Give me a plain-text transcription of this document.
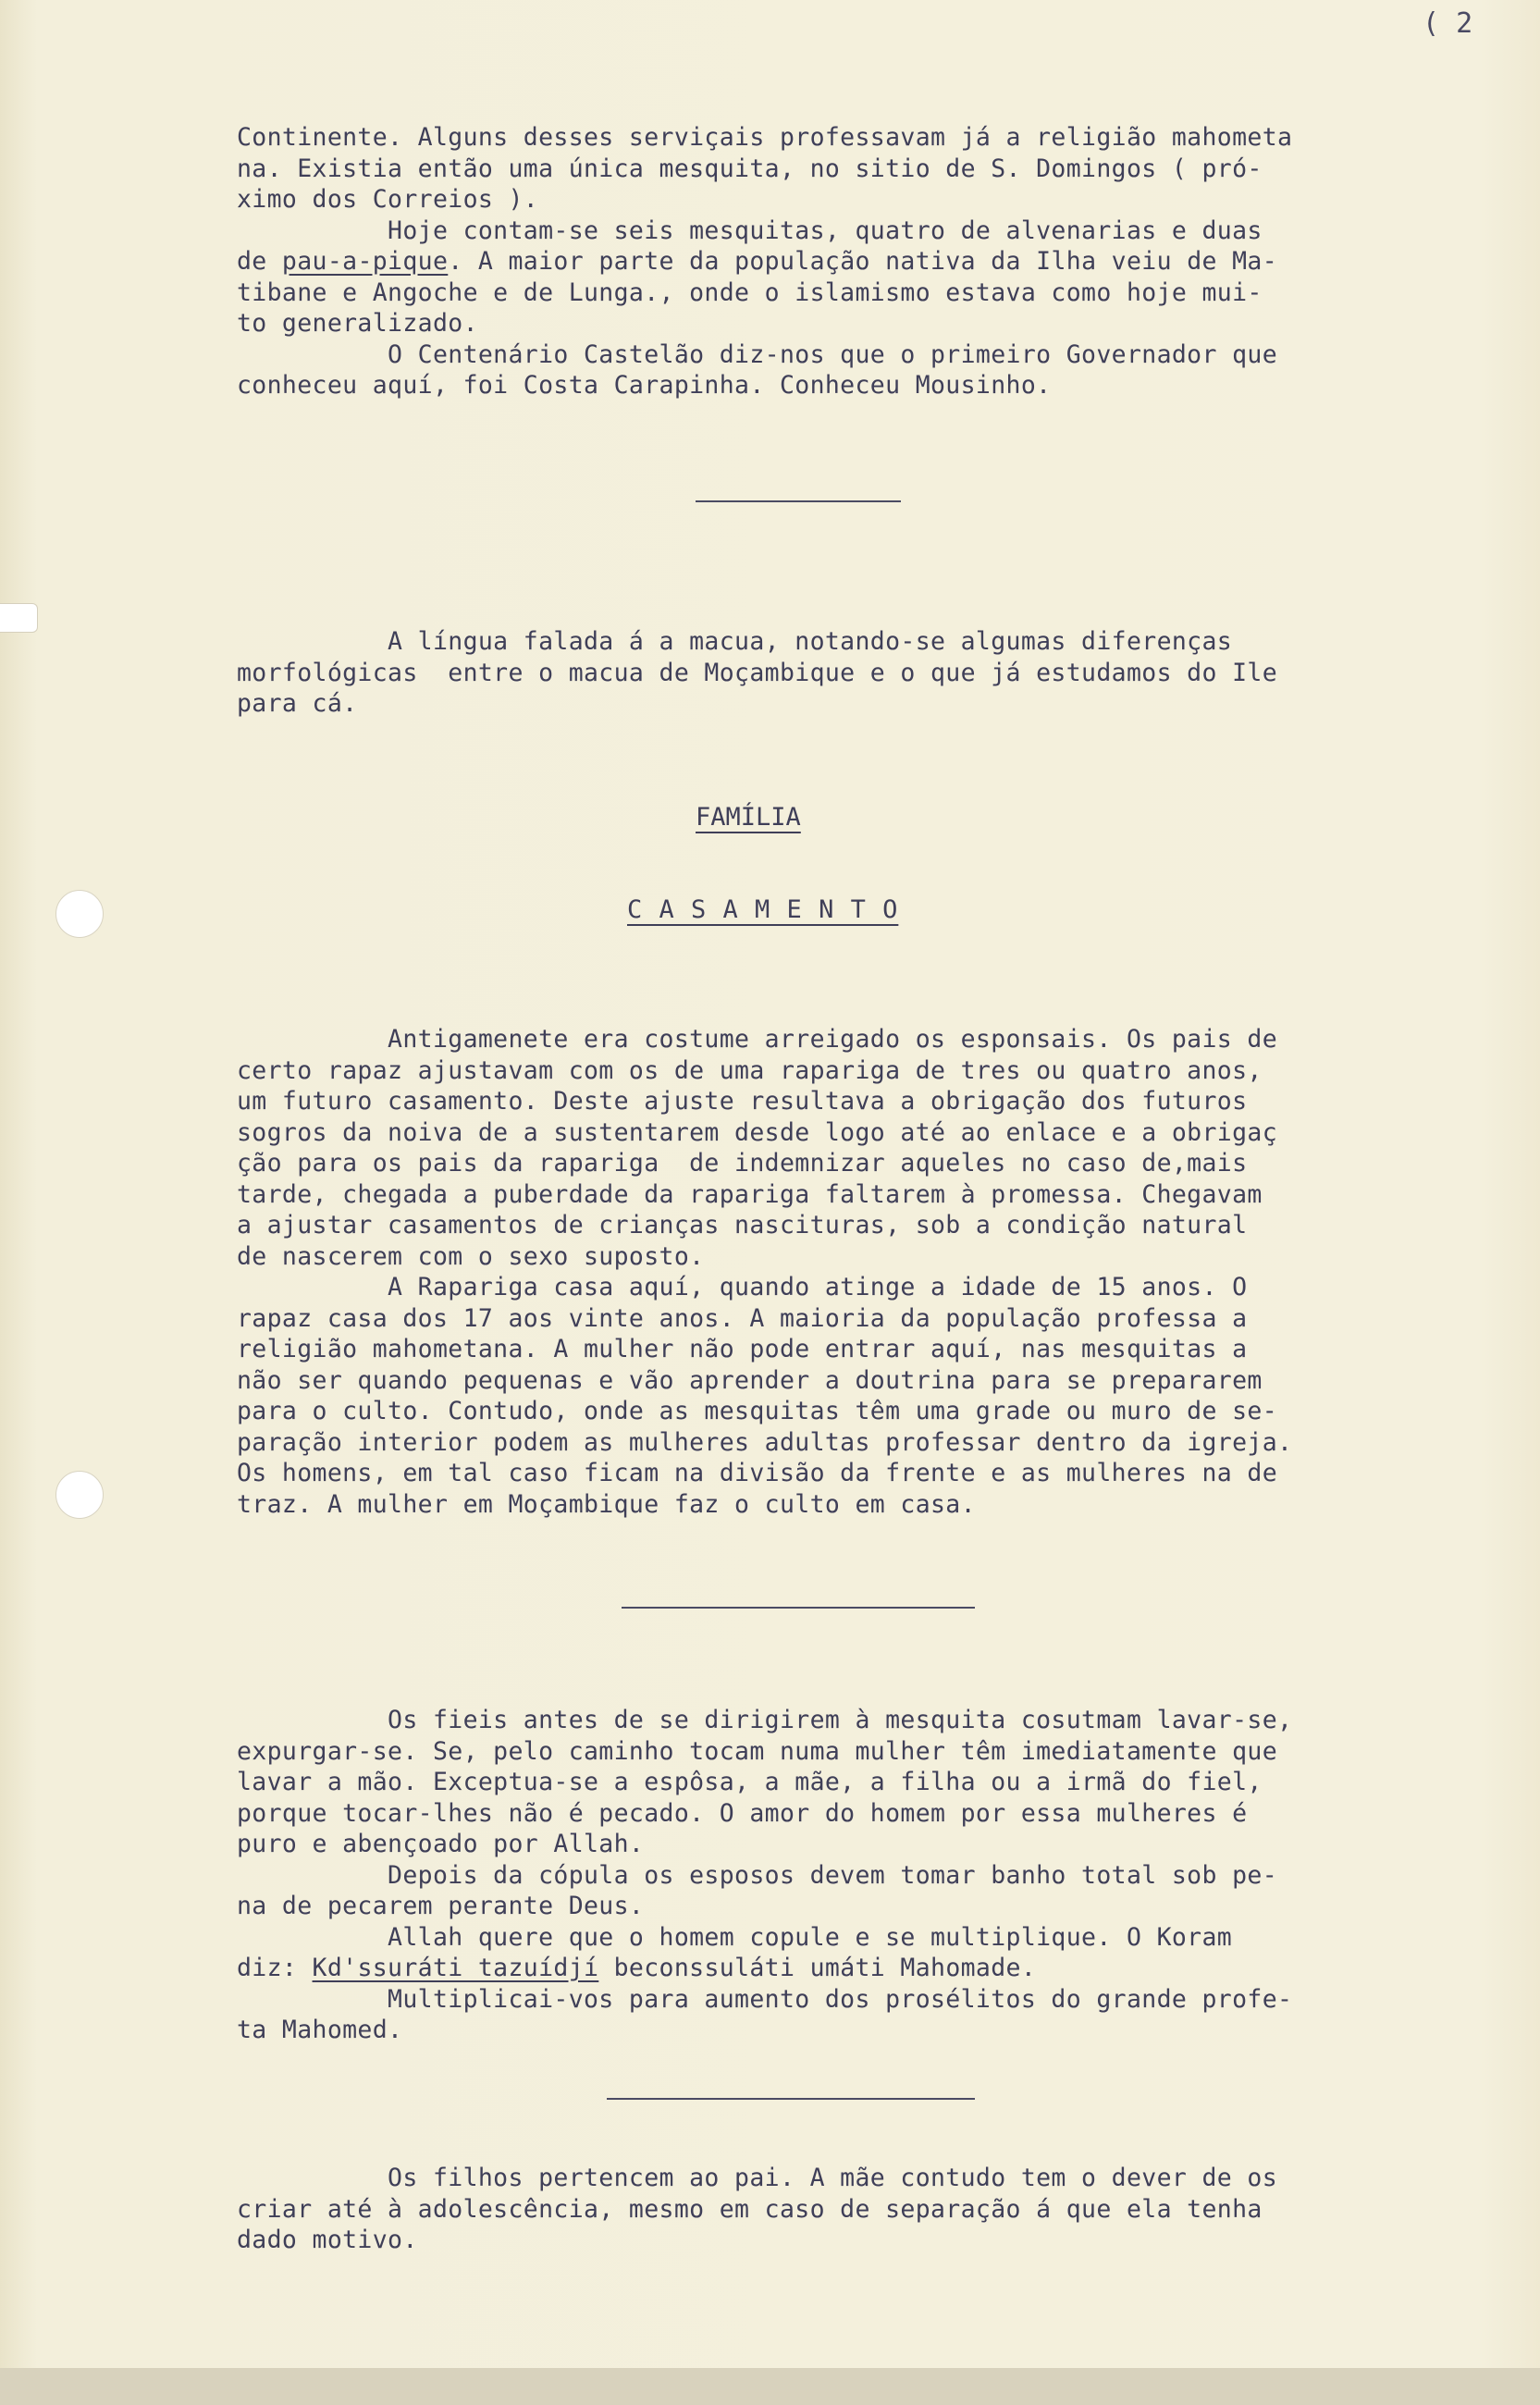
( 2
Continente. Alguns desses serviçais professavam já a religião mahometa
na. Existia então uma única mesquita, no sitio de S. Domingos ( pró-
ximo dos Correios ).
Hoje contam-se seis mesquitas, quatro de alvenarias e duas
de pau-a-pique. A maior parte da população nativa da Ilha veiu de Ma-
tibane e Angoche e de Lunga., onde o islamismo estava como hoje mui-
to generalizado.
O Centenário Castelão diz-nos que o primeiro Governador que
conheceu aquí, foi Costa Carapinha. Conheceu Mousinho.
A língua falada á a macua, notando-se algumas diferenças
morfológicas  entre o macua de Moçambique e o que já estudamos do Ile
para cá.
FAMÍLIA
C A S A M E N T O
Antigamenete era costume arreigado os esponsais. Os pais de
certo rapaz ajustavam com os de uma rapariga de tres ou quatro anos,
um futuro casamento. Deste ajuste resultava a obrigação dos futuros
sogros da noiva de a sustentarem desde logo até ao enlace e a obrigaç
ção para os pais da rapariga  de indemnizar aqueles no caso de,mais
tarde, chegada a puberdade da rapariga faltarem à promessa. Chegavam
a ajustar casamentos de crianças nascituras, sob a condição natural
de nascerem com o sexo suposto.
A Rapariga casa aquí, quando atinge a idade de 15 anos. O
rapaz casa dos 17 aos vinte anos. A maioria da população professa a
religião mahometana. A mulher não pode entrar aquí, nas mesquitas a
não ser quando pequenas e vão aprender a doutrina para se prepararem
para o culto. Contudo, onde as mesquitas têm uma grade ou muro de se-
paração interior podem as mulheres adultas professar dentro da igreja.
Os homens, em tal caso ficam na divisão da frente e as mulheres na de
traz. A mulher em Moçambique faz o culto em casa.
Os fieis antes de se dirigirem à mesquita cosutmam lavar-se,
expurgar-se. Se, pelo caminho tocam numa mulher têm imediatamente que
lavar a mão. Exceptua-se a espôsa, a mãe, a filha ou a irmã do fiel,
porque tocar-lhes não é pecado. O amor do homem por essa mulheres é
puro e abençoado por Allah.
Depois da cópula os esposos devem tomar banho total sob pe-
na de pecarem perante Deus.
Allah quere que o homem copule e se multiplique. O Koram
diz: Kd'ssuráti tazuídjí beconssuláti umáti Mahomade.
Multiplicai-vos para aumento dos prosélitos do grande profe-
ta Mahomed.
Os filhos pertencem ao pai. A mãe contudo tem o dever de os
criar até à adolescência, mesmo em caso de separação á que ela tenha
dado motivo.
